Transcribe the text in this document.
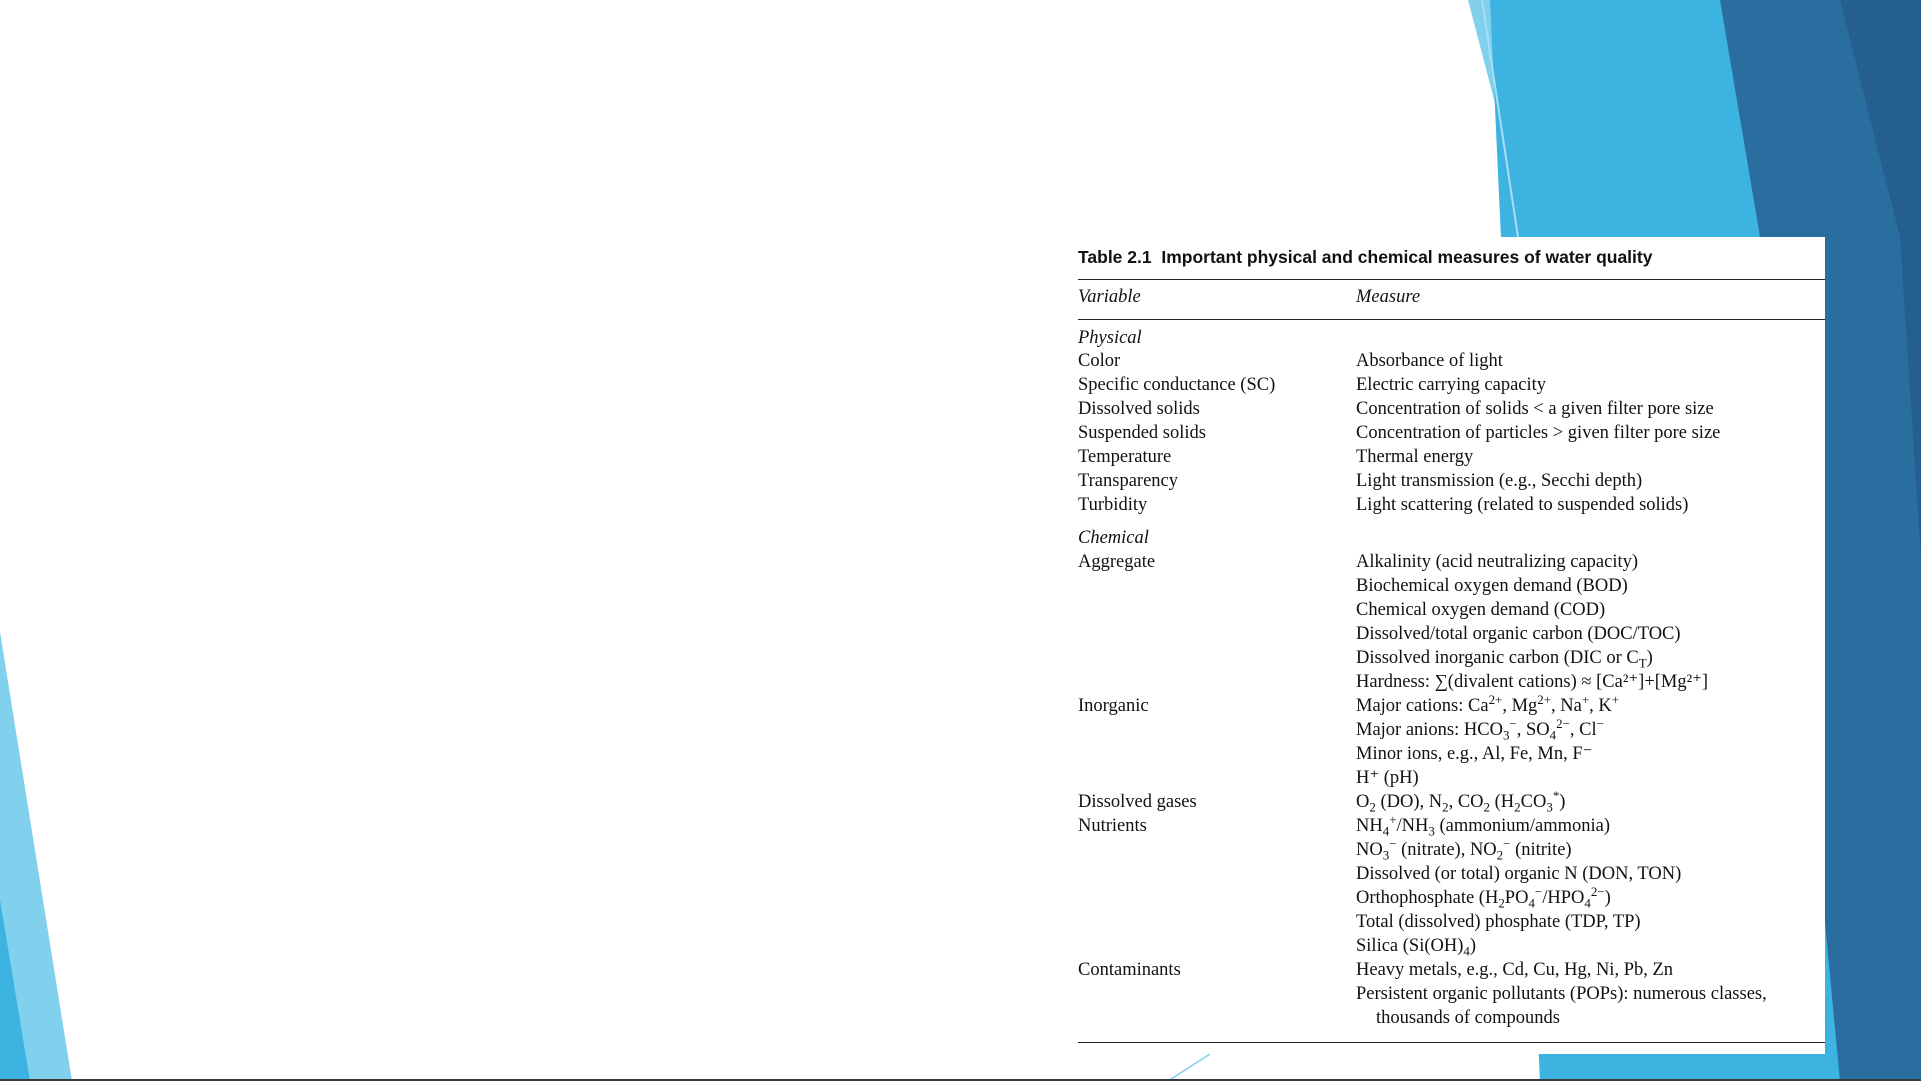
Table 2.1 Important physical and chemical measures of water quality

Variable	Measure
Physical
Color	Absorbance of light
Specific conductance (SC)	Electric carrying capacity
Dissolved solids	Concentration of solids < a given filter pore size
Suspended solids	Concentration of particles > given filter pore size
Temperature	Thermal energy
Transparency	Light transmission (e.g., Secchi depth)
Turbidity	Light scattering (related to suspended solids)
Chemical
Aggregate	Alkalinity (acid neutralizing capacity)
Biochemical oxygen demand (BOD)
Chemical oxygen demand (COD)
Dissolved/total organic carbon (DOC/TOC)
Dissolved inorganic carbon (DIC or $C_T$)
Hardness: ∑(divalent cations) ≈ [Ca²⁺]+[Mg²⁺]
Inorganic	Major cations: $Ca^{2+}$, $Mg^{2+}$, Na+, K+
Major anions: $HCO_3^-$, $SO_4^{2-}$, Cl−
Minor ions, e.g., Al, Fe, Mn, F⁻
H⁺ (pH)
Dissolved gases	$O_2$ (DO), $N_2$, $CO_2$ $(H_2CO_3^*)$
Nutrients	$NH_4^+/NH_3$ (ammonium/ammonia)
$NO_3^-$ (nitrate), $NO_2^-$ (nitrite)
Dissolved (or total) organic N (DON, TON)
Orthophosphate $(H_2PO_4^-/HPO_4^{2-})$
Total (dissolved) phosphate (TDP, TP)
Silica $(Si(OH)_4)$
Contaminants	Heavy metals, e.g., Cd, Cu, Hg, Ni, Pb, Zn
Persistent organic pollutants (POPs): numerous classes,
thousands of compounds
